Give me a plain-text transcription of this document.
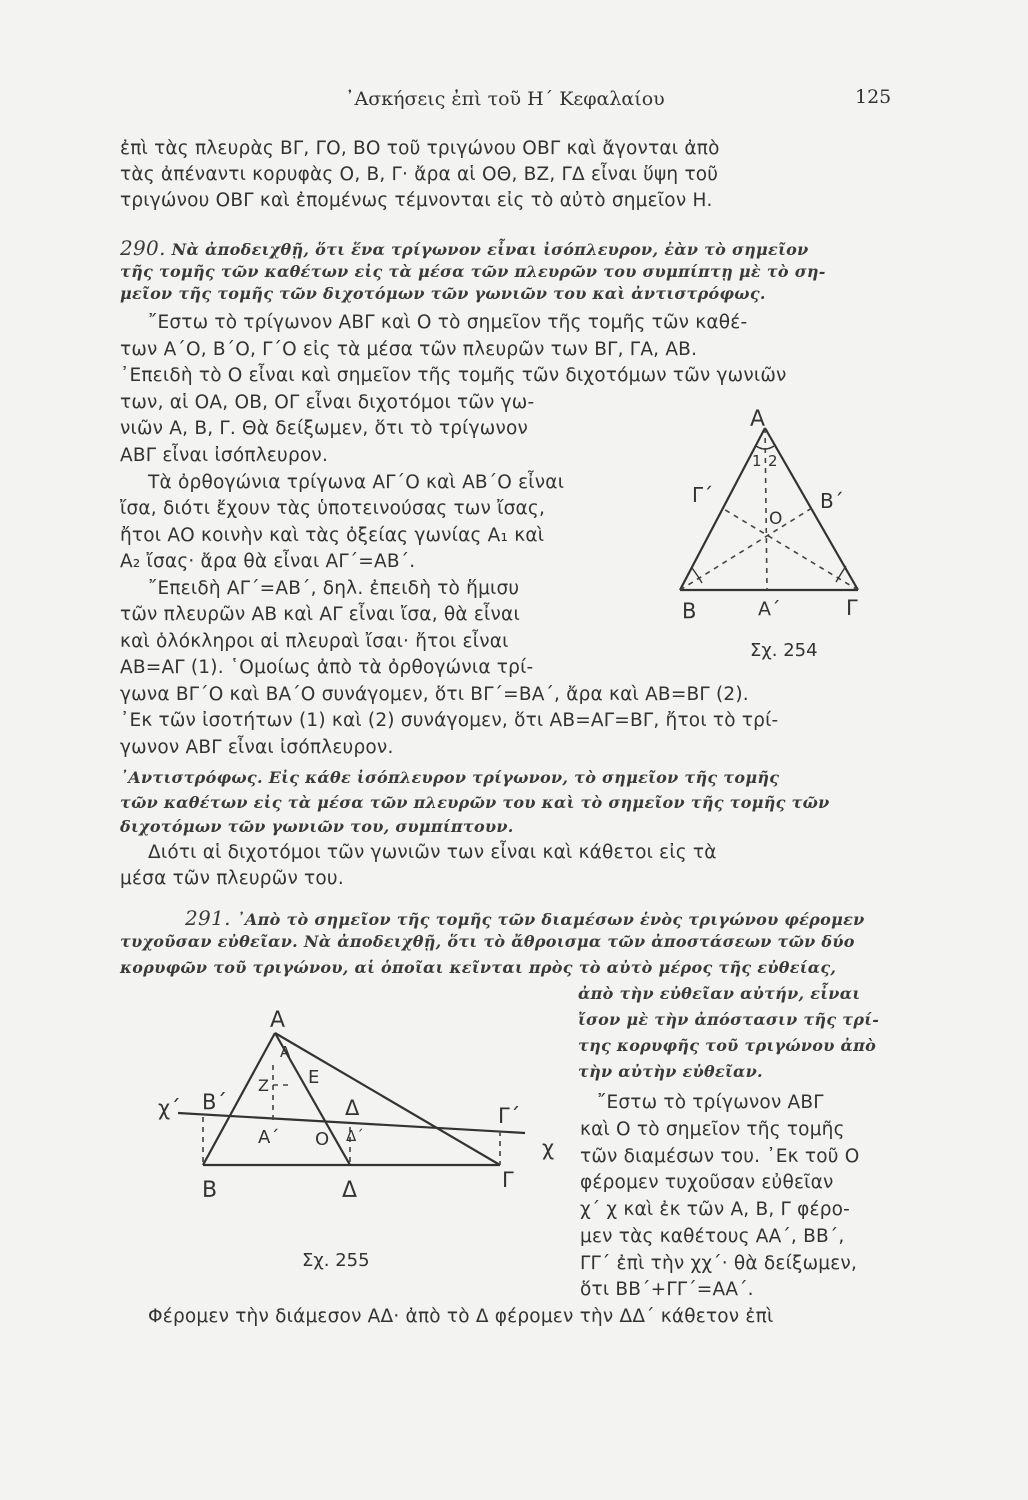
᾿Ασκήσεις ἐπὶ τοῦ Η΄ Κεφαλαίου	125
ἐπὶ τὰς πλευρὰς ΒΓ, ΓΟ, ΒΟ τοῦ τριγώνου ΟΒΓ καὶ ἄγονται ἀπὸ
τὰς ἀπέναντι κορυφὰς Ο, Β, Γ· ἄρα αἱ ΟΘ, ΒΖ, ΓΔ εἶναι ὕψη τοῦ
τριγώνου ΟΒΓ καὶ ἐπομένως τέμνονται εἰς τὸ αὐτὸ σημεῖον Η.
290. Νὰ ἀποδειχθῇ, ὅτι ἕνα τρίγωνον εἶναι ἰσόπλευρον, ἐὰν τὸ σημεῖον
τῆς τομῆς τῶν καθέτων εἰς τὰ μέσα τῶν πλευρῶν του συμπίπτῃ μὲ τὸ ση-
μεῖον τῆς τομῆς τῶν διχοτόμων τῶν γωνιῶν του καὶ ἀντιστρόφως.
῎Εστω τὸ τρίγωνον ΑΒΓ καὶ Ο τὸ σημεῖον τῆς τομῆς τῶν καθέ-
των Α΄Ο, Β΄Ο, Γ΄Ο εἰς τὰ μέσα τῶν πλευρῶν των ΒΓ, ΓΑ, ΑΒ.
᾿Επειδὴ τὸ Ο εἶναι καὶ σημεῖον τῆς τομῆς τῶν διχοτόμων τῶν γωνιῶν
των, αἱ ΟΑ, ΟΒ, ΟΓ εἶναι διχοτόμοι τῶν γω-
νιῶν Α, Β, Γ. Θὰ δείξωμεν, ὅτι τὸ τρίγωνον
ΑΒΓ εἶναι ἰσόπλευρον.
Τὰ ὀρθογώνια τρίγωνα ΑΓ΄Ο καὶ ΑΒ΄Ο εἶναι
ἴσα, διότι ἔχουν τὰς ὑποτεινούσας των ἴσας,
ἤτοι ΑΟ κοινὴν καὶ τὰς ὀξείας γωνίας Α₁ καὶ
Α₂ ἴσας· ἄρα θὰ εἶναι ΑΓ΄=ΑΒ΄.
῎Επειδὴ ΑΓ΄=ΑΒ΄, δηλ. ἐπειδὴ τὸ ἥμισυ
τῶν πλευρῶν ΑΒ καὶ ΑΓ εἶναι ἴσα, θὰ εἶναι
καὶ ὁλόκληροι αἱ πλευραὶ ἴσαι· ἤτοι εἶναι
ΑΒ=ΑΓ (1). ῾Ομοίως ἀπὸ τὰ ὀρθογώνια τρί-
γωνα ΒΓ΄Ο καὶ ΒΑ΄Ο συνάγομεν, ὅτι ΒΓ΄=ΒΑ΄, ἄρα καὶ ΑΒ=ΒΓ (2).
᾿Εκ τῶν ἰσοτήτων (1) καὶ (2) συνάγομεν, ὅτι ΑΒ=ΑΓ=ΒΓ, ἤτοι τὸ τρί-
γωνον ΑΒΓ εἶναι ἰσόπλευρον.
᾿Αντιστρόφως. Εἰς κάθε ἰσόπλευρον τρίγωνον, τὸ σημεῖον τῆς τομῆς
τῶν καθέτων εἰς τὰ μέσα τῶν πλευρῶν του καὶ τὸ σημεῖον τῆς τομῆς τῶν
διχοτόμων τῶν γωνιῶν του, συμπίπτουν.
Διότι αἱ διχοτόμοι τῶν γωνιῶν των εἶναι καὶ κάθετοι εἰς τὰ
μέσα τῶν πλευρῶν του.
Α
1 2
Γ΄	Β΄
Ο
Β	Α΄	Γ
Σχ. 254
291. ᾿Απὸ τὸ σημεῖον τῆς τομῆς τῶν διαμέσων ἑνὸς τριγώνου φέρομεν
τυχοῦσαν εὐθεῖαν. Νὰ ἀποδειχθῇ, ὅτι τὸ ἄθροισμα τῶν ἀποστάσεων τῶν δύο
κορυφῶν τοῦ τριγώνου, αἱ ὁποῖαι κεῖνται πρὸς τὸ αὐτὸ μέρος τῆς εὐθείας,
ἀπὸ τὴν εὐθεῖαν αὐτήν, εἶναι
ἴσον μὲ τὴν ἀπόστασιν τῆς τρί-
της κορυφῆς τοῦ τριγώνου ἀπὸ
τὴν αὐτὴν εὐθεῖαν.
῎Εστω τὸ τρίγωνον ΑΒΓ
καὶ Ο τὸ σημεῖον τῆς τομῆς
τῶν διαμέσων του. ᾿Εκ τοῦ Ο
φέρομεν τυχοῦσαν εὐθεῖαν
χ΄ χ καὶ ἐκ τῶν Α, Β, Γ φέρο-
μεν τὰς καθέτους ΑΑ΄, ΒΒ΄,
ΓΓ΄ ἐπὶ τὴν χχ΄· θὰ δείξωμεν,
ὅτι ΒΒ΄+ΓΓ΄=ΑΑ΄.
Α
Α
Ζ Ε
χ΄ Β΄	Δ	Γ΄
Α΄ Ο Δ΄	χ
Β	Δ	Γ
Σχ. 255
Φέρομεν τὴν διάμεσον ΑΔ· ἀπὸ τὸ Δ φέρομεν τὴν ΔΔ΄ κάθετον ἐπὶ
